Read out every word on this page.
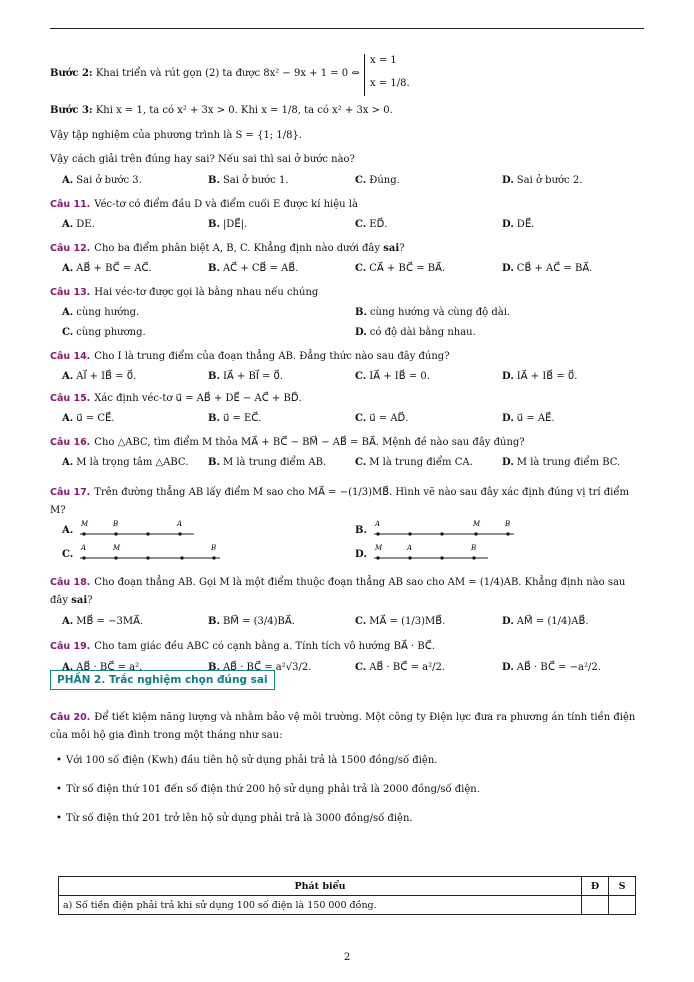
Bước 2: Khai triển và rút gọn (2) ta được 8x² − 9x + 1 = 0 ⇔
x = 1
x = 1/8.
Bước 3: Khi x = 1, ta có x² + 3x > 0. Khi x = 1/8, ta có x² + 3x > 0.
Vậy tập nghiệm của phương trình là S = {1; 1/8}.
Vậy cách giải trên đúng hay sai? Nếu sai thì sai ở bước nào?
A. Sai ở bước 3.	B. Sai ở bước 1.	C. Đúng.	D. Sai ở bước 2.
Câu 11. Véc-tơ có điểm đầu D và điểm cuối E được kí hiệu là
A. DE.	B. |DE⃗|.	C. ED⃗.	D. DE⃗.
Câu 12. Cho ba điểm phân biệt A, B, C. Khẳng định nào dưới đây sai?
A. AB⃗ + BC⃗ = AC⃗.	B. AC⃗ + CB⃗ = AB⃗.	C. CA⃗ + BC⃗ = BA⃗.	D. CB⃗ + AC⃗ = BA⃗.
Câu 13. Hai véc-tơ được gọi là bằng nhau nếu chúng
A. cùng hướng.	B. cùng hướng và cùng độ dài.
C. cùng phương.	D. có độ dài bằng nhau.
Câu 14. Cho I là trung điểm của đoạn thẳng AB. Đẳng thức nào sau đây đúng?
A. AI⃗ + IB⃗ = 0⃗.	B. IA⃗ + BI⃗ = 0⃗.	C. IA⃗ + IB⃗ = 0.	D. IA⃗ + IB⃗ = 0⃗.
Câu 15. Xác định véc-tơ u⃗ = AB⃗ + DE⃗ − AC⃗ + BD⃗.
A. u⃗ = CE⃗.	B. u⃗ = EC⃗.	C. u⃗ = AD⃗.	D. u⃗ = AE⃗.
Câu 16. Cho △ABC, tìm điểm M thỏa MA⃗ + BC⃗ − BM⃗ − AB⃗ = BA⃗. Mệnh đề nào sau đây đúng?
A. M là trọng tâm △ABC. B. M là trung điểm AB.	C. M là trung điểm CA.	D. M là trung điểm BC.
Câu 17. Trên đường thẳng AB lấy điểm M sao cho MA⃗ = −(1/3)MB⃗. Hình vẽ nào sau đây xác định đúng vị trí điểm
M?
A.
M	B	A
B.
A	M	B
C.
A	M	B
D.
M	A	B
Câu 18. Cho đoạn thẳng AB. Gọi M là một điểm thuộc đoạn thẳng AB sao cho AM = (1/4)AB. Khẳng định nào sau
đây sai?
A. MB⃗ = −3MA⃗.	B. BM⃗ = (3/4)BA⃗.	C. MA⃗ = (1/3)MB⃗.	D. AM⃗ = (1/4)AB⃗.
Câu 19. Cho tam giác đều ABC có cạnh bằng a. Tính tích vô hướng BA⃗ · BC⃗.
A. AB⃗ · BC⃗ = a².	B. AB⃗ · BC⃗ = a²√3/2.	C. AB⃗ · BC⃗ = a²/2.	D. AB⃗ · BC⃗ = −a²/2.
PHẦN 2. Trắc nghiệm chọn đúng sai
Câu 20. Để tiết kiệm năng lượng và nhằm bảo vệ môi trường. Một công ty Điện lực đưa ra phương án tính tiền điện
của mỗi hộ gia đình trong một tháng như sau:
• Với 100 số điện (Kwh) đầu tiên hộ sử dụng phải trả là 1500 đồng/số điện.
• Từ số điện thứ 101 đến số điện thứ 200 hộ sử dụng phải trả là 2000 đồng/số điện.
• Từ số điện thứ 201 trở lên hộ sử dụng phải trả là 3000 đồng/số điện.
Phát biểu	Đ	S
a) Số tiền điện phải trả khi sử dụng 100 số điện là 150 000 đồng.		
2
